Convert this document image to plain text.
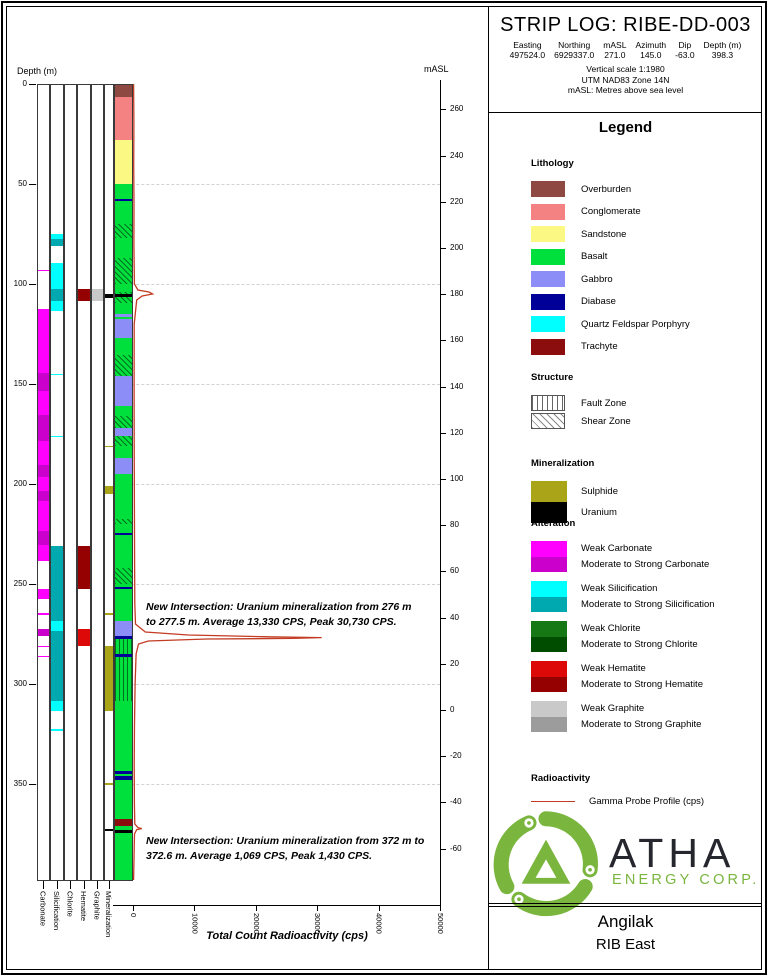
Depth (m)	mASL
Total Count Radioactivity (cps)
0
50
100
150
200
250
300
350
260
240
220
200
180
160
140
120
100
80
60
40
20
0
-20
-40
-60
0	10000	20000	30000	40000	50000
Carbonate Silicification Chlorite Hematite Graphite Mineralization
New Intersection: Uranium mineralization from 276 m to 277.5 m. Average 13,330 CPS, Peak 30,730 CPS.
New Intersection: Uranium mineralization from 372 m to 372.6 m. Average 1,069 CPS, Peak 1,430 CPS.
STRIP LOG: RIBE-DD-003
Easting
497524.0
Northing
6929337.0
mASL
271.0
Azimuth
145.0
Dip
-63.0
Depth (m)
398.3
Vertical scale 1:1980
UTM NAD83 Zone 14N
mASL: Metres above sea level
Legend
Lithology
Overburden
Conglomerate
Sandstone
Basalt
Gabbro
Diabase
Quartz Feldspar Porphyry
Trachyte
Structure
Fault Zone
Shear Zone
Mineralization
Sulphide
Uranium
Alteration
Weak Carbonate
Moderate to Strong Carbonate
Weak Silicification
Moderate to Strong Silicification
Weak Chlorite
Moderate to Strong Chlorite
Weak Hematite
Moderate to Strong Hematite
Weak Graphite
Moderate to Strong Graphite
Radioactivity
Gamma Probe Profile (cps)
ATHA
ENERGY CORP.
Angilak
RIB East
